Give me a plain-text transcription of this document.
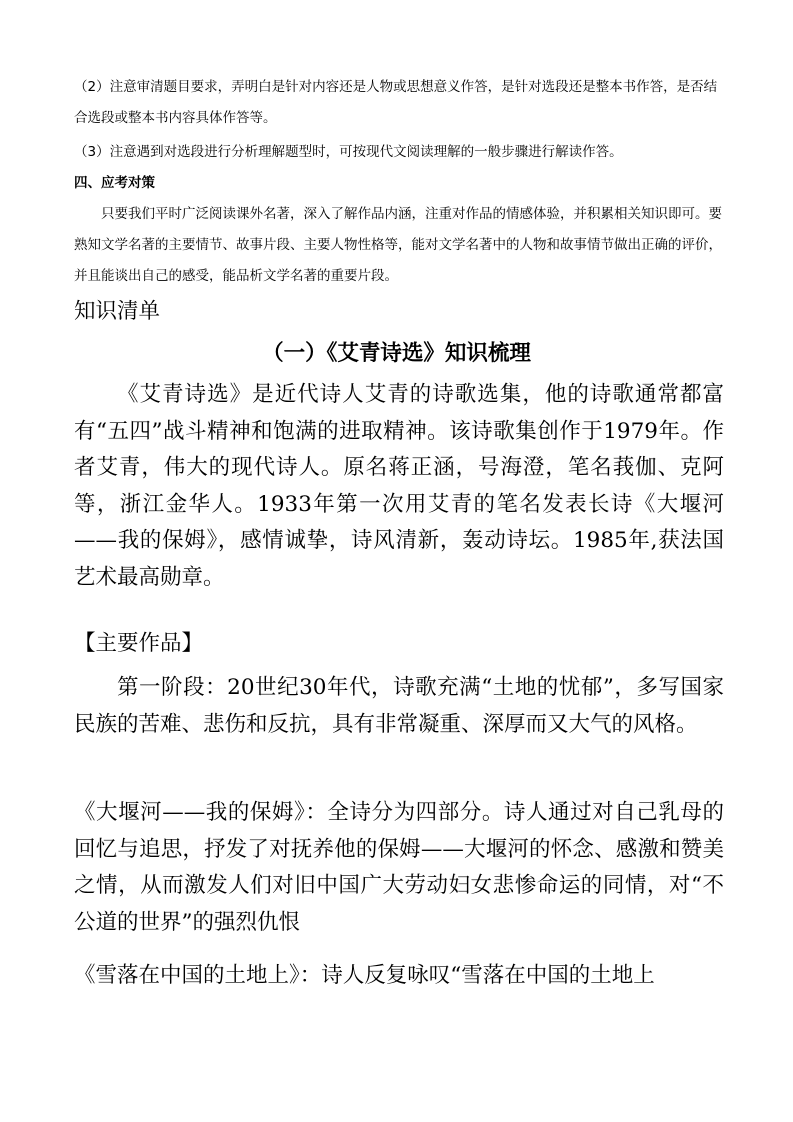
（2）注意审清题目要求，弄明白是针对内容还是人物或思想意义作答，是针对选段还是整本书作答，是否结合选段或整本书内容具体作答等。

（3）注意遇到对选段进行分析理解题型时，可按现代文阅读理解的一般步骤进行解读作答。

四、应考对策

只要我们平时广泛阅读课外名著，深入了解作品内涵，注重对作品的情感体验，并积累相关知识即可。要熟知文学名著的主要情节、故事片段、主要人物性格等，能对文学名著中的人物和故事情节做出正确的评价，并且能谈出自己的感受，能品析文学名著的重要片段。

知识清单

（一）《艾青诗选》知识梳理

《艾青诗选》是近代诗人艾青的诗歌选集，他的诗歌通常都富有“五四”战斗精神和饱满的进取精神。该诗歌集创作于1979年。作者艾青，伟大的现代诗人。原名蒋正涵，号海澄，笔名莪伽、克阿等，浙江金华人。1933年第一次用艾青的笔名发表长诗《大堰河 ——我的保姆》，感情诚挚，诗风清新，轰动诗坛。1985年,获法国艺术最高勋章。

【主要作品】

第一阶段：20世纪30年代，诗歌充满“土地的忧郁”，多写国家民族的苦难、悲伤和反抗，具有非常凝重、深厚而又大气的风格。

《大堰河——我的保姆》：全诗分为四部分。诗人通过对自己乳母的回忆与追思，抒发了对抚养他的保姆——大堰河的怀念、感激和赞美之情，从而激发人们对旧中国广大劳动妇女悲惨命运的同情，对“不公道的世界”的强烈仇恨

《雪落在中国的土地上》：诗人反复咏叹“雪落在中国的土地上
